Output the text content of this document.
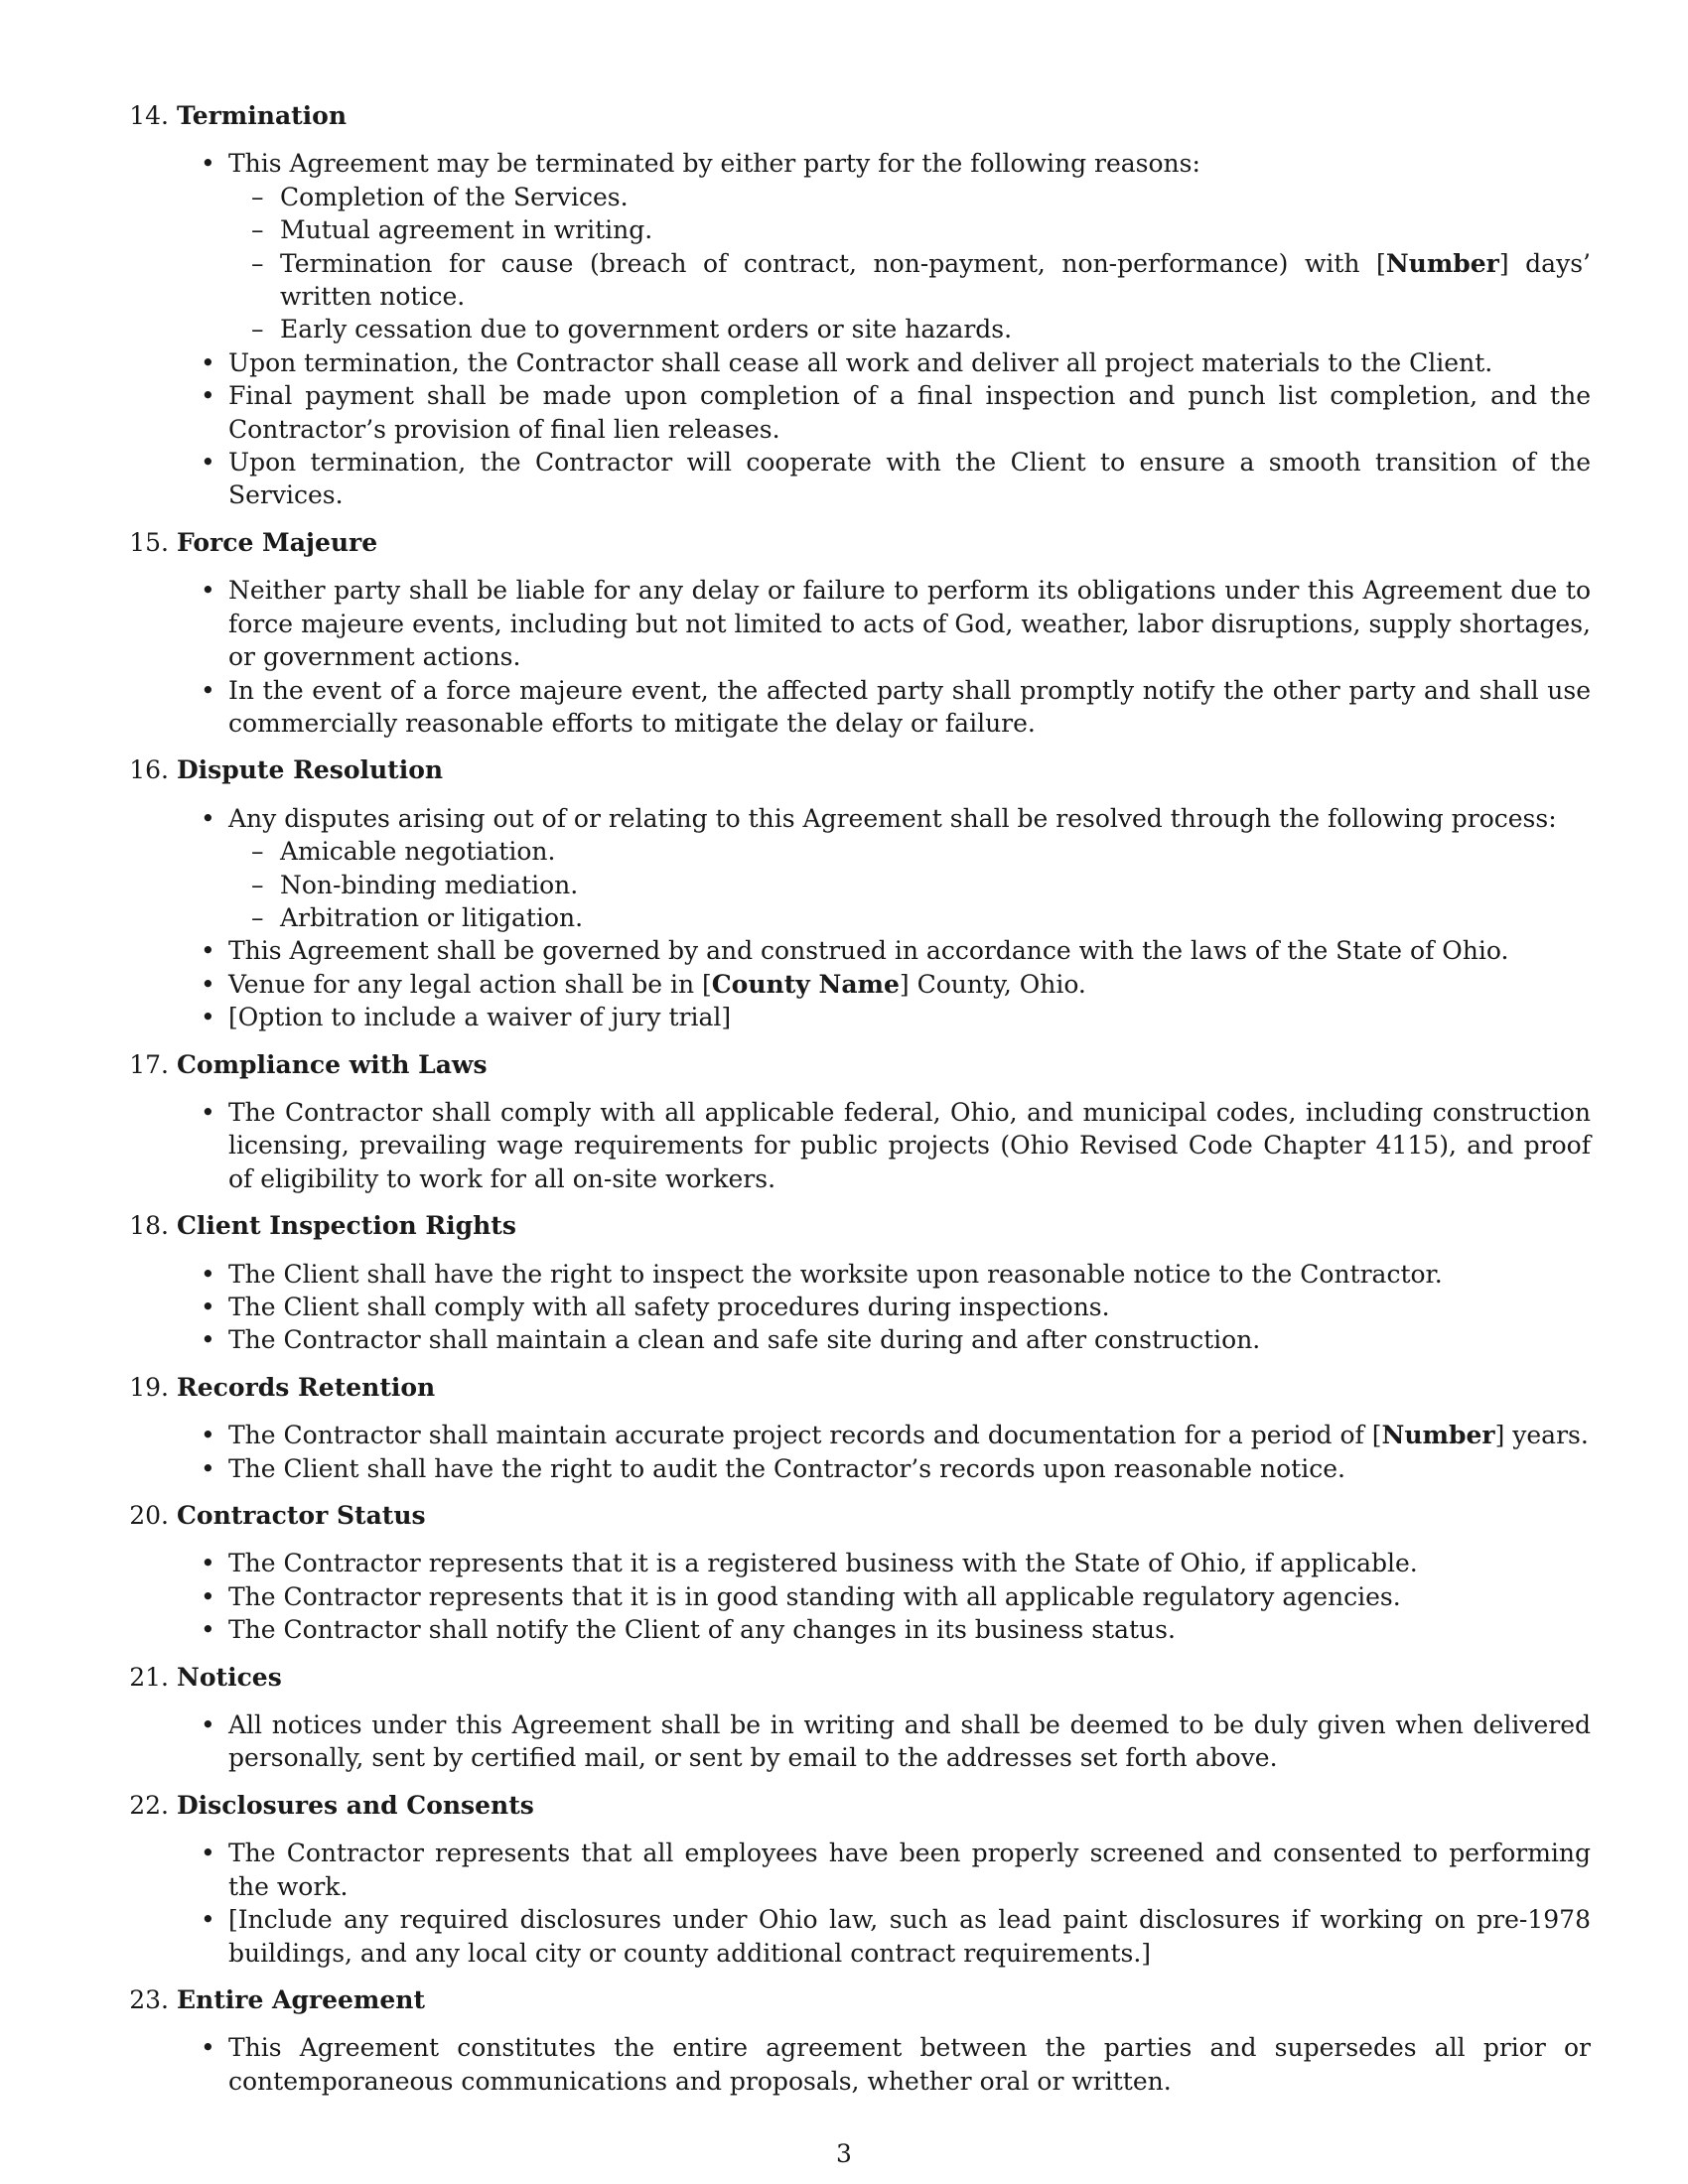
14. Termination
• This Agreement may be terminated by either party for the following reasons:
– Completion of the Services.
– Mutual agreement in writing.
– Termination for cause (breach of contract, non-payment, non-performance) with [Number] days’ written notice.
– Early cessation due to government orders or site hazards.
• Upon termination, the Contractor shall cease all work and deliver all project materials to the Client.
• Final payment shall be made upon completion of a final inspection and punch list completion, and the Contractor’s provision of final lien releases.
• Upon termination, the Contractor will cooperate with the Client to ensure a smooth transition of the Services.
15. Force Majeure
• Neither party shall be liable for any delay or failure to perform its obligations under this Agreement due to force majeure events, including but not limited to acts of God, weather, labor disruptions, supply shortages, or government actions.
• In the event of a force majeure event, the affected party shall promptly notify the other party and shall use commercially reasonable efforts to mitigate the delay or failure.
16. Dispute Resolution
• Any disputes arising out of or relating to this Agreement shall be resolved through the following process:
– Amicable negotiation.
– Non-binding mediation.
– Arbitration or litigation.
• This Agreement shall be governed by and construed in accordance with the laws of the State of Ohio.
• Venue for any legal action shall be in [County Name] County, Ohio.
• [Option to include a waiver of jury trial]
17. Compliance with Laws
• The Contractor shall comply with all applicable federal, Ohio, and municipal codes, including construction licensing, prevailing wage requirements for public projects (Ohio Revised Code Chapter 4115), and proof of eligibility to work for all on-site workers.
18. Client Inspection Rights
• The Client shall have the right to inspect the worksite upon reasonable notice to the Contractor.
• The Client shall comply with all safety procedures during inspections.
• The Contractor shall maintain a clean and safe site during and after construction.
19. Records Retention
• The Contractor shall maintain accurate project records and documentation for a period of [Number] years.
• The Client shall have the right to audit the Contractor’s records upon reasonable notice.
20. Contractor Status
• The Contractor represents that it is a registered business with the State of Ohio, if applicable.
• The Contractor represents that it is in good standing with all applicable regulatory agencies.
• The Contractor shall notify the Client of any changes in its business status.
21. Notices
• All notices under this Agreement shall be in writing and shall be deemed to be duly given when delivered personally, sent by certified mail, or sent by email to the addresses set forth above.
22. Disclosures and Consents
• The Contractor represents that all employees have been properly screened and consented to performing the work.
• [Include any required disclosures under Ohio law, such as lead paint disclosures if working on pre-1978 buildings, and any local city or county additional contract requirements.]
23. Entire Agreement
• This Agreement constitutes the entire agreement between the parties and supersedes all prior or contemporaneous communications and proposals, whether oral or written.
3
